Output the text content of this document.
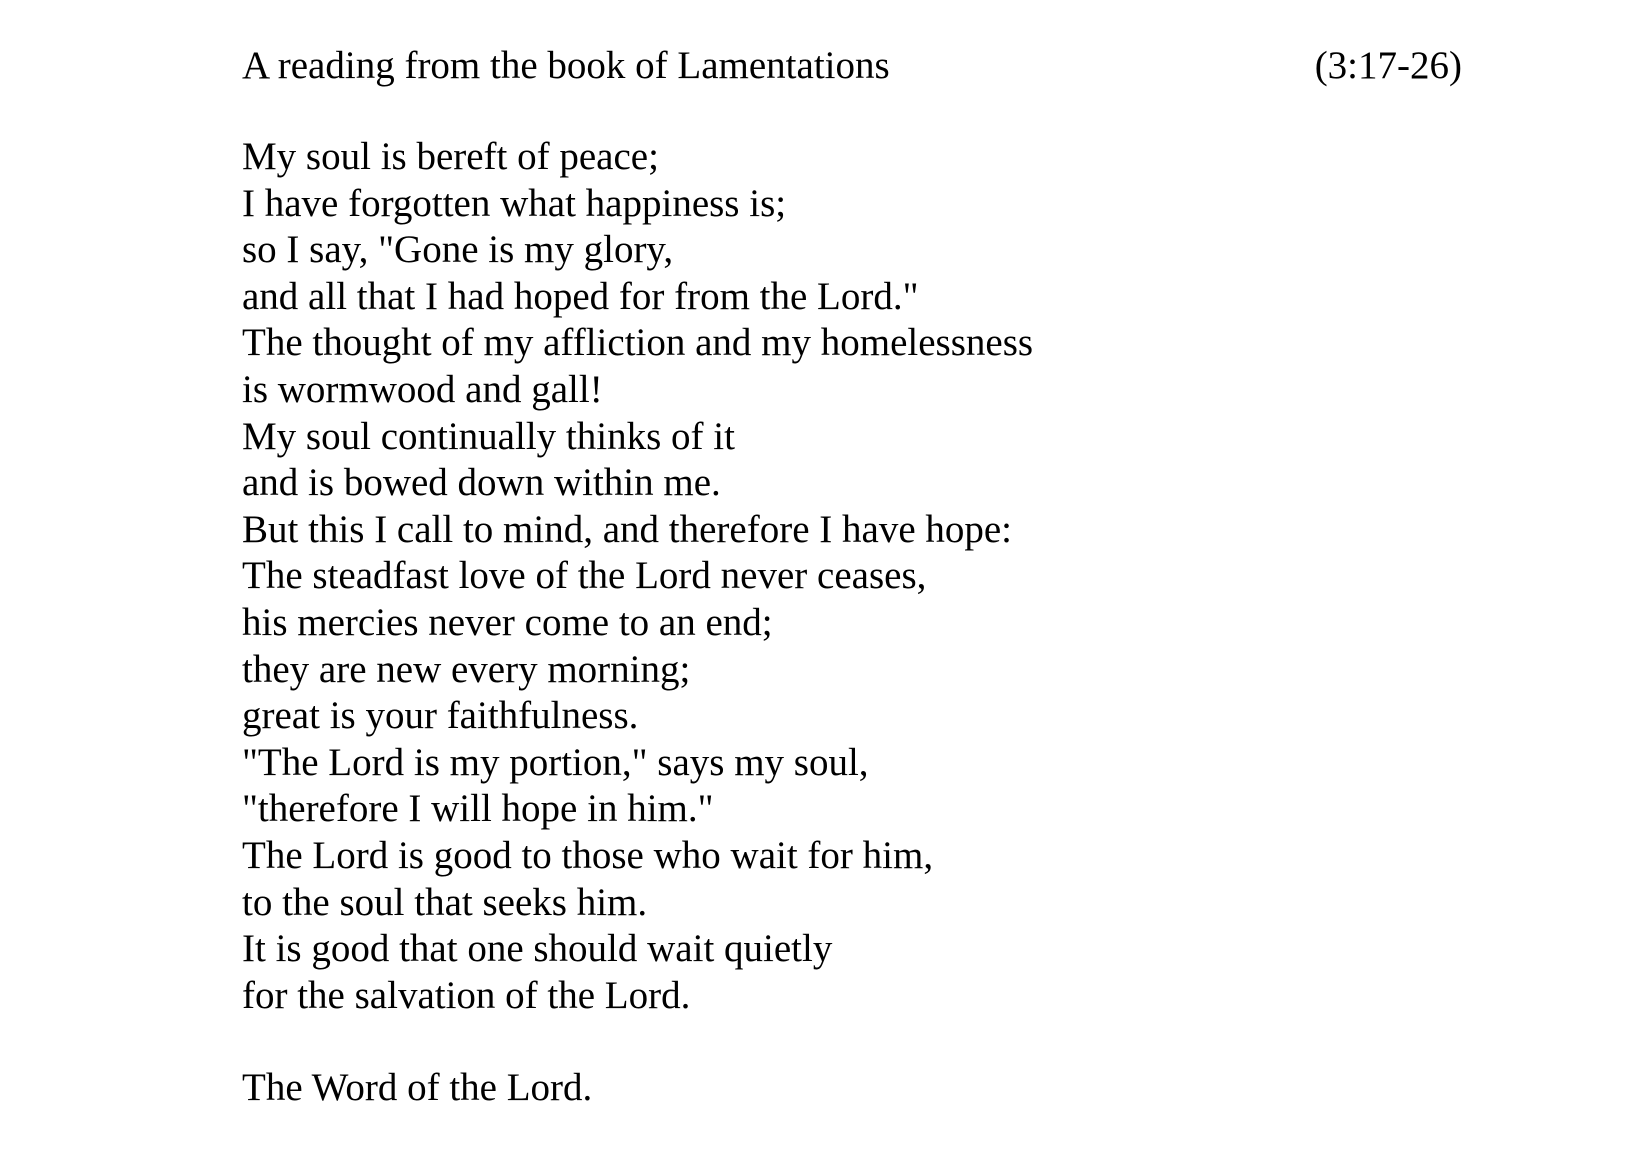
A reading from the book of Lamentations	(3:17-26)
My soul is bereft of peace;
I have forgotten what happiness is;
so I say, "Gone is my glory,
and all that I had hoped for from the Lord."
The thought of my affliction and my homelessness
is wormwood and gall!
My soul continually thinks of it
and is bowed down within me.
But this I call to mind, and therefore I have hope:
The steadfast love of the Lord never ceases,
his mercies never come to an end;
they are new every morning;
great is your faithfulness.
"The Lord is my portion," says my soul,
"therefore I will hope in him."
The Lord is good to those who wait for him,
to the soul that seeks him.
It is good that one should wait quietly
for the salvation of the Lord.
The Word of the Lord.
